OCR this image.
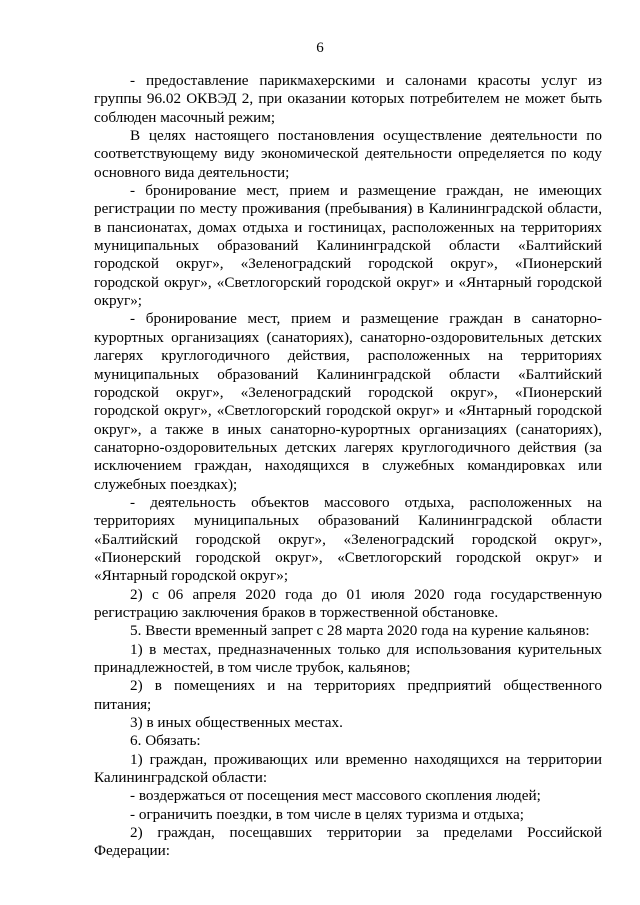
6

- предоставление парикмахерскими и салонами красоты услуг из группы 96.02 ОКВЭД 2, при оказании которых потребителем не может быть соблюден масочный режим;

В целях настоящего постановления осуществление деятельности по соответствующему виду экономической деятельности определяется по коду основного вида деятельности;

- бронирование мест, прием и размещение граждан, не имеющих регистрации по месту проживания (пребывания) в Калининградской области, в пансионатах, домах отдыха и гостиницах, расположенных на территориях муниципальных образований Калининградской области «Балтийский городской округ», «Зеленоградский городской округ», «Пионерский городской округ», «Светлогорский городской округ» и «Янтарный городской округ»;

- бронирование мест, прием и размещение граждан в санаторно-курортных организациях (санаториях), санаторно-оздоровительных детских лагерях круглогодичного действия, расположенных на территориях муниципальных образований Калининградской области «Балтийский городской округ», «Зеленоградский городской округ», «Пионерский городской округ», «Светлогорский городской округ» и «Янтарный городской округ», а также в иных санаторно-курортных организациях (санаториях), санаторно-оздоровительных детских лагерях круглогодичного действия (за исключением граждан, находящихся в служебных командировках или служебных поездках);

- деятельность объектов массового отдыха, расположенных на территориях муниципальных образований Калининградской области «Балтийский городской округ», «Зеленоградский городской округ», «Пионерский городской округ», «Светлогорский городской округ» и «Янтарный городской округ»;

2) с 06 апреля 2020 года до 01 июля 2020 года государственную регистрацию заключения браков в торжественной обстановке.

5. Ввести временный запрет с 28 марта 2020 года на курение кальянов:

1) в местах, предназначенных только для использования курительных принадлежностей, в том числе трубок, кальянов;

2) в помещениях и на территориях предприятий общественного питания;

3) в иных общественных местах.

6. Обязать:

1) граждан, проживающих или временно находящихся на территории Калининградской области:

- воздержаться от посещения мест массового скопления людей;

- ограничить поездки, в том числе в целях туризма и отдыха;

2) граждан, посещавших территории за пределами Российской Федерации:
